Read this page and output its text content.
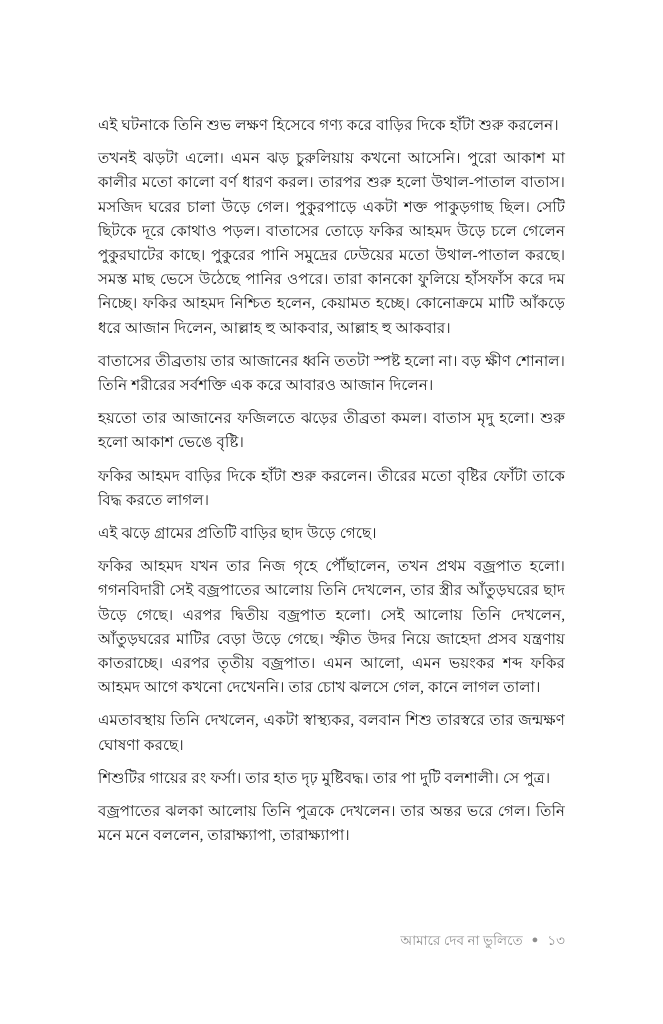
এই ঘটনাকে তিনি শুভ লক্ষণ হিসেবে গণ্য করে বাড়ির দিকে হাঁটা শুরু করলেন।

তখনই ঝড়টা এলো। এমন ঝড় চুরুলিয়ায় কখনো আসেনি। পুরো আকাশ মা কালীর মতো কালো বর্ণ ধারণ করল। তারপর শুরু হলো উথাল-পাতাল বাতাস। মসজিদ ঘরের চালা উড়ে গেল। পুকুরপাড়ে একটা শক্ত পাকুড়গাছ ছিল। সেটি ছিটকে দূরে কোথাও পড়ল। বাতাসের তোড়ে ফকির আহমদ উড়ে চলে গেলেন পুকুরঘাটের কাছে। পুকুরের পানি সমুদ্রের ঢেউয়ের মতো উথাল-পাতাল করছে। সমস্ত মাছ ভেসে উঠেছে পানির ওপরে। তারা কানকো ফুলিয়ে হাঁসফাঁস করে দম নিচ্ছে। ফকির আহমদ নিশ্চিত হলেন, কেয়ামত হচ্ছে। কোনোক্রমে মাটি আঁকড়ে ধরে আজান দিলেন, আল্লাহ হু আকবার, আল্লাহ হু আকবার।

বাতাসের তীব্রতায় তার আজানের ধ্বনি ততটা স্পষ্ট হলো না। বড় ক্ষীণ শোনাল। তিনি শরীরের সর্বশক্তি এক করে আবারও আজান দিলেন।

হয়তো তার আজানের ফজিলতে ঝড়ের তীব্রতা কমল। বাতাস মৃদু হলো। শুরু হলো আকাশ ভেঙে বৃষ্টি।

ফকির আহমদ বাড়ির দিকে হাঁটা শুরু করলেন। তীরের মতো বৃষ্টির ফোঁটা তাকে বিদ্ধ করতে লাগল।

এই ঝড়ে গ্রামের প্রতিটি বাড়ির ছাদ উড়ে গেছে।

ফকির আহমদ যখন তার নিজ গৃহে পৌঁছালেন, তখন প্রথম বজ্রপাত হলো। গগনবিদারী সেই বজ্রপাতের আলোয় তিনি দেখলেন, তার স্ত্রীর আঁতুড়ঘরের ছাদ উড়ে গেছে। এরপর দ্বিতীয় বজ্রপাত হলো। সেই আলোয় তিনি দেখলেন, আঁতুড়ঘরের মাটির বেড়া উড়ে গেছে। স্ফীত উদর নিয়ে জাহেদা প্রসব যন্ত্রণায় কাতরাচ্ছে। এরপর তৃতীয় বজ্রপাত। এমন আলো, এমন ভয়ংকর শব্দ ফকির আহমদ আগে কখনো দেখেননি। তার চোখ ঝলসে গেল, কানে লাগল তালা।

এমতাবস্থায় তিনি দেখলেন, একটা স্বাস্থ্যকর, বলবান শিশু তারস্বরে তার জন্মক্ষণ ঘোষণা করছে।

শিশুটির গায়ের রং ফর্সা। তার হাত দৃঢ় মুষ্টিবদ্ধ। তার পা দুটি বলশালী। সে পুত্র।

বজ্রপাতের ঝলকা আলোয় তিনি পুত্রকে দেখলেন। তার অন্তর ভরে গেল। তিনি মনে মনে বললেন, তারাক্ষ্যাপা, তারাক্ষ্যাপা।

আমারে দেব না ভুলিতে ● ১৩
